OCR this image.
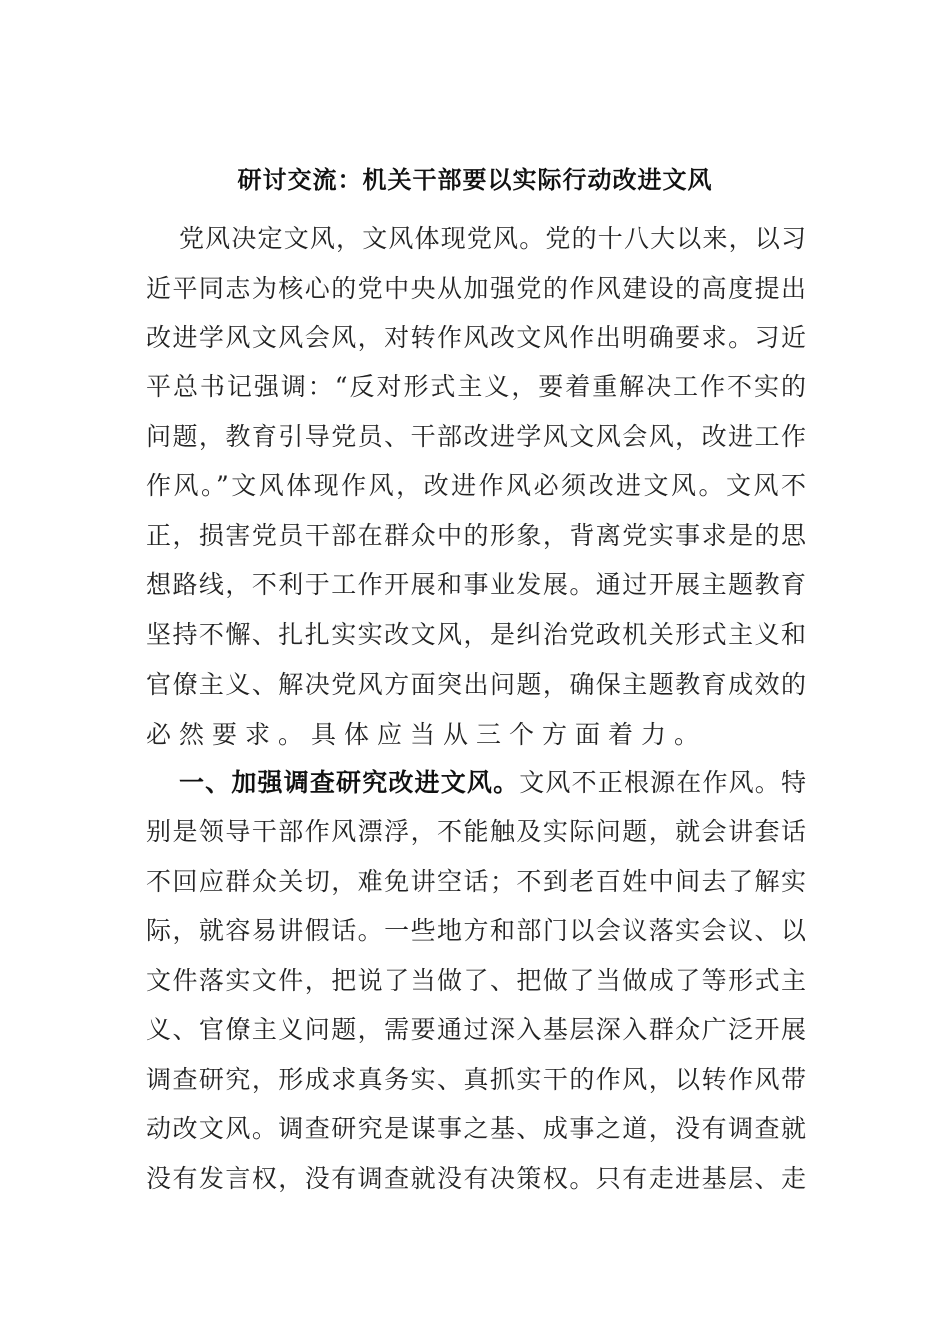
研讨交流：机关干部要以实际行动改进文风
党风决定文风，文风体现党风。党的十八大以来，以习
近平同志为核心的党中央从加强党的作风建设的高度提出
改进学风文风会风，对转作风改文风作出明确要求。习近
平总书记强调：“反对形式主义，要着重解决工作不实的
问题，教育引导党员、干部改进学风文风会风，改进工作
作风。”文风体现作风，改进作风必须改进文风。文风不
正，损害党员干部在群众中的形象，背离党实事求是的思
想路线，不利于工作开展和事业发展。通过开展主题教育
坚持不懈、扎扎实实改文风，是纠治党政机关形式主义和
官僚主义、解决党风方面突出问题，确保主题教育成效的
必然要求。具体应当从三个方面着力。
一、加强调查研究改进文风。文风不正根源在作风。特
别是领导干部作风漂浮，不能触及实际问题，就会讲套话
不回应群众关切，难免讲空话；不到老百姓中间去了解实
际，就容易讲假话。一些地方和部门以会议落实会议、以
文件落实文件，把说了当做了、把做了当做成了等形式主
义、官僚主义问题，需要通过深入基层深入群众广泛开展
调查研究，形成求真务实、真抓实干的作风，以转作风带
动改文风。调查研究是谋事之基、成事之道，没有调查就
没有发言权，没有调查就没有决策权。只有走进基层、走
